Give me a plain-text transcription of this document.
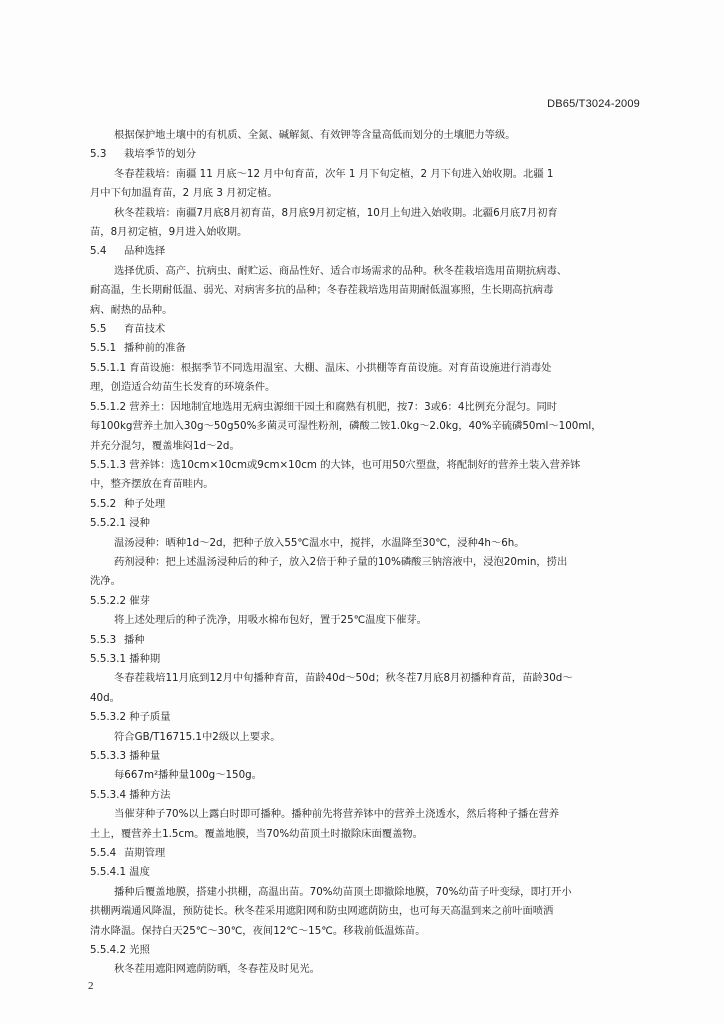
DB65/T3024-2009
根据保护地土壤中的有机质、全氮、碱解氮、有效钾等含量高低而划分的土壤肥力等级。
5.3 栽培季节的划分
冬春茬栽培：南疆 11 月底～12 月中旬育苗，次年 1 月下旬定植，2 月下旬进入始收期。北疆 1
月中下旬加温育苗，2 月底 3 月初定植。
秋冬茬栽培：南疆7月底8月初育苗，8月底9月初定植，10月上旬进入始收期。北疆6月底7月初育
苗，8月初定植，9月进入始收期。
5.4 品种选择
选择优质、高产、抗病虫、耐贮运、商品性好、适合市场需求的品种。秋冬茬栽培选用苗期抗病毒、
耐高温，生长期耐低温、弱光、对病害多抗的品种；冬春茬栽培选用苗期耐低温寡照，生长期高抗病毒
病、耐热的品种。
5.5 育苗技术
5.5.1 播种前的准备
5.5.1.1 育苗设施：根据季节不同选用温室、大棚、温床、小拱棚等育苗设施。对育苗设施进行消毒处
理，创造适合幼苗生长发育的环境条件。
5.5.1.2 营养土：因地制宜地选用无病虫源细干园土和腐熟有机肥，按7：3或6：4比例充分混匀。同时
每100kg营养土加入30g～50g50%多菌灵可湿性粉剂，磷酸二铵1.0kg～2.0kg，40%辛硫磷50ml～100ml，
并充分混匀，覆盖堆闷1d～2d。
5.5.1.3 营养钵：选10cm×10cm或9cm×10cm 的大钵，也可用50穴塑盘，将配制好的营养土装入营养钵
中，整齐摆放在育苗畦内。
5.5.2 种子处理
5.5.2.1 浸种
温汤浸种：晒种1d～2d，把种子放入55℃温水中，搅拌，水温降至30℃，浸种4h～6h。
药剂浸种：把上述温汤浸种后的种子，放入2倍于种子量的10%磷酸三钠溶液中，浸泡20min，捞出
洗净。
5.5.2.2 催芽
将上述处理后的种子洗净，用吸水棉布包好，置于25℃温度下催芽。
5.5.3 播种
5.5.3.1 播种期
冬春茬栽培11月底到12月中旬播种育苗，苗龄40d～50d；秋冬茬7月底8月初播种育苗，苗龄30d～
40d。
5.5.3.2 种子质量
符合GB/T16715.1中2级以上要求。
5.5.3.3 播种量
每667m²播种量100g～150g。
5.5.3.4 播种方法
当催芽种子70%以上露白时即可播种。播种前先将营养钵中的营养土浇透水，然后将种子播在营养
土上，覆营养土1.5cm。覆盖地膜，当70%幼苗顶土时撤除床面覆盖物。
5.5.4 苗期管理
5.5.4.1 温度
播种后覆盖地膜，搭建小拱棚，高温出苗。70%幼苗顶土即撤除地膜，70%幼苗子叶变绿，即打开小
拱棚两端通风降温，预防徒长。秋冬茬采用遮阳网和防虫网遮荫防虫，也可每天高温到来之前叶面喷洒
清水降温。保持白天25℃～30℃，夜间12℃～15℃。移栽前低温炼苗。
5.5.4.2 光照
秋冬茬用遮阳网遮荫防晒，冬春茬及时见光。
2
